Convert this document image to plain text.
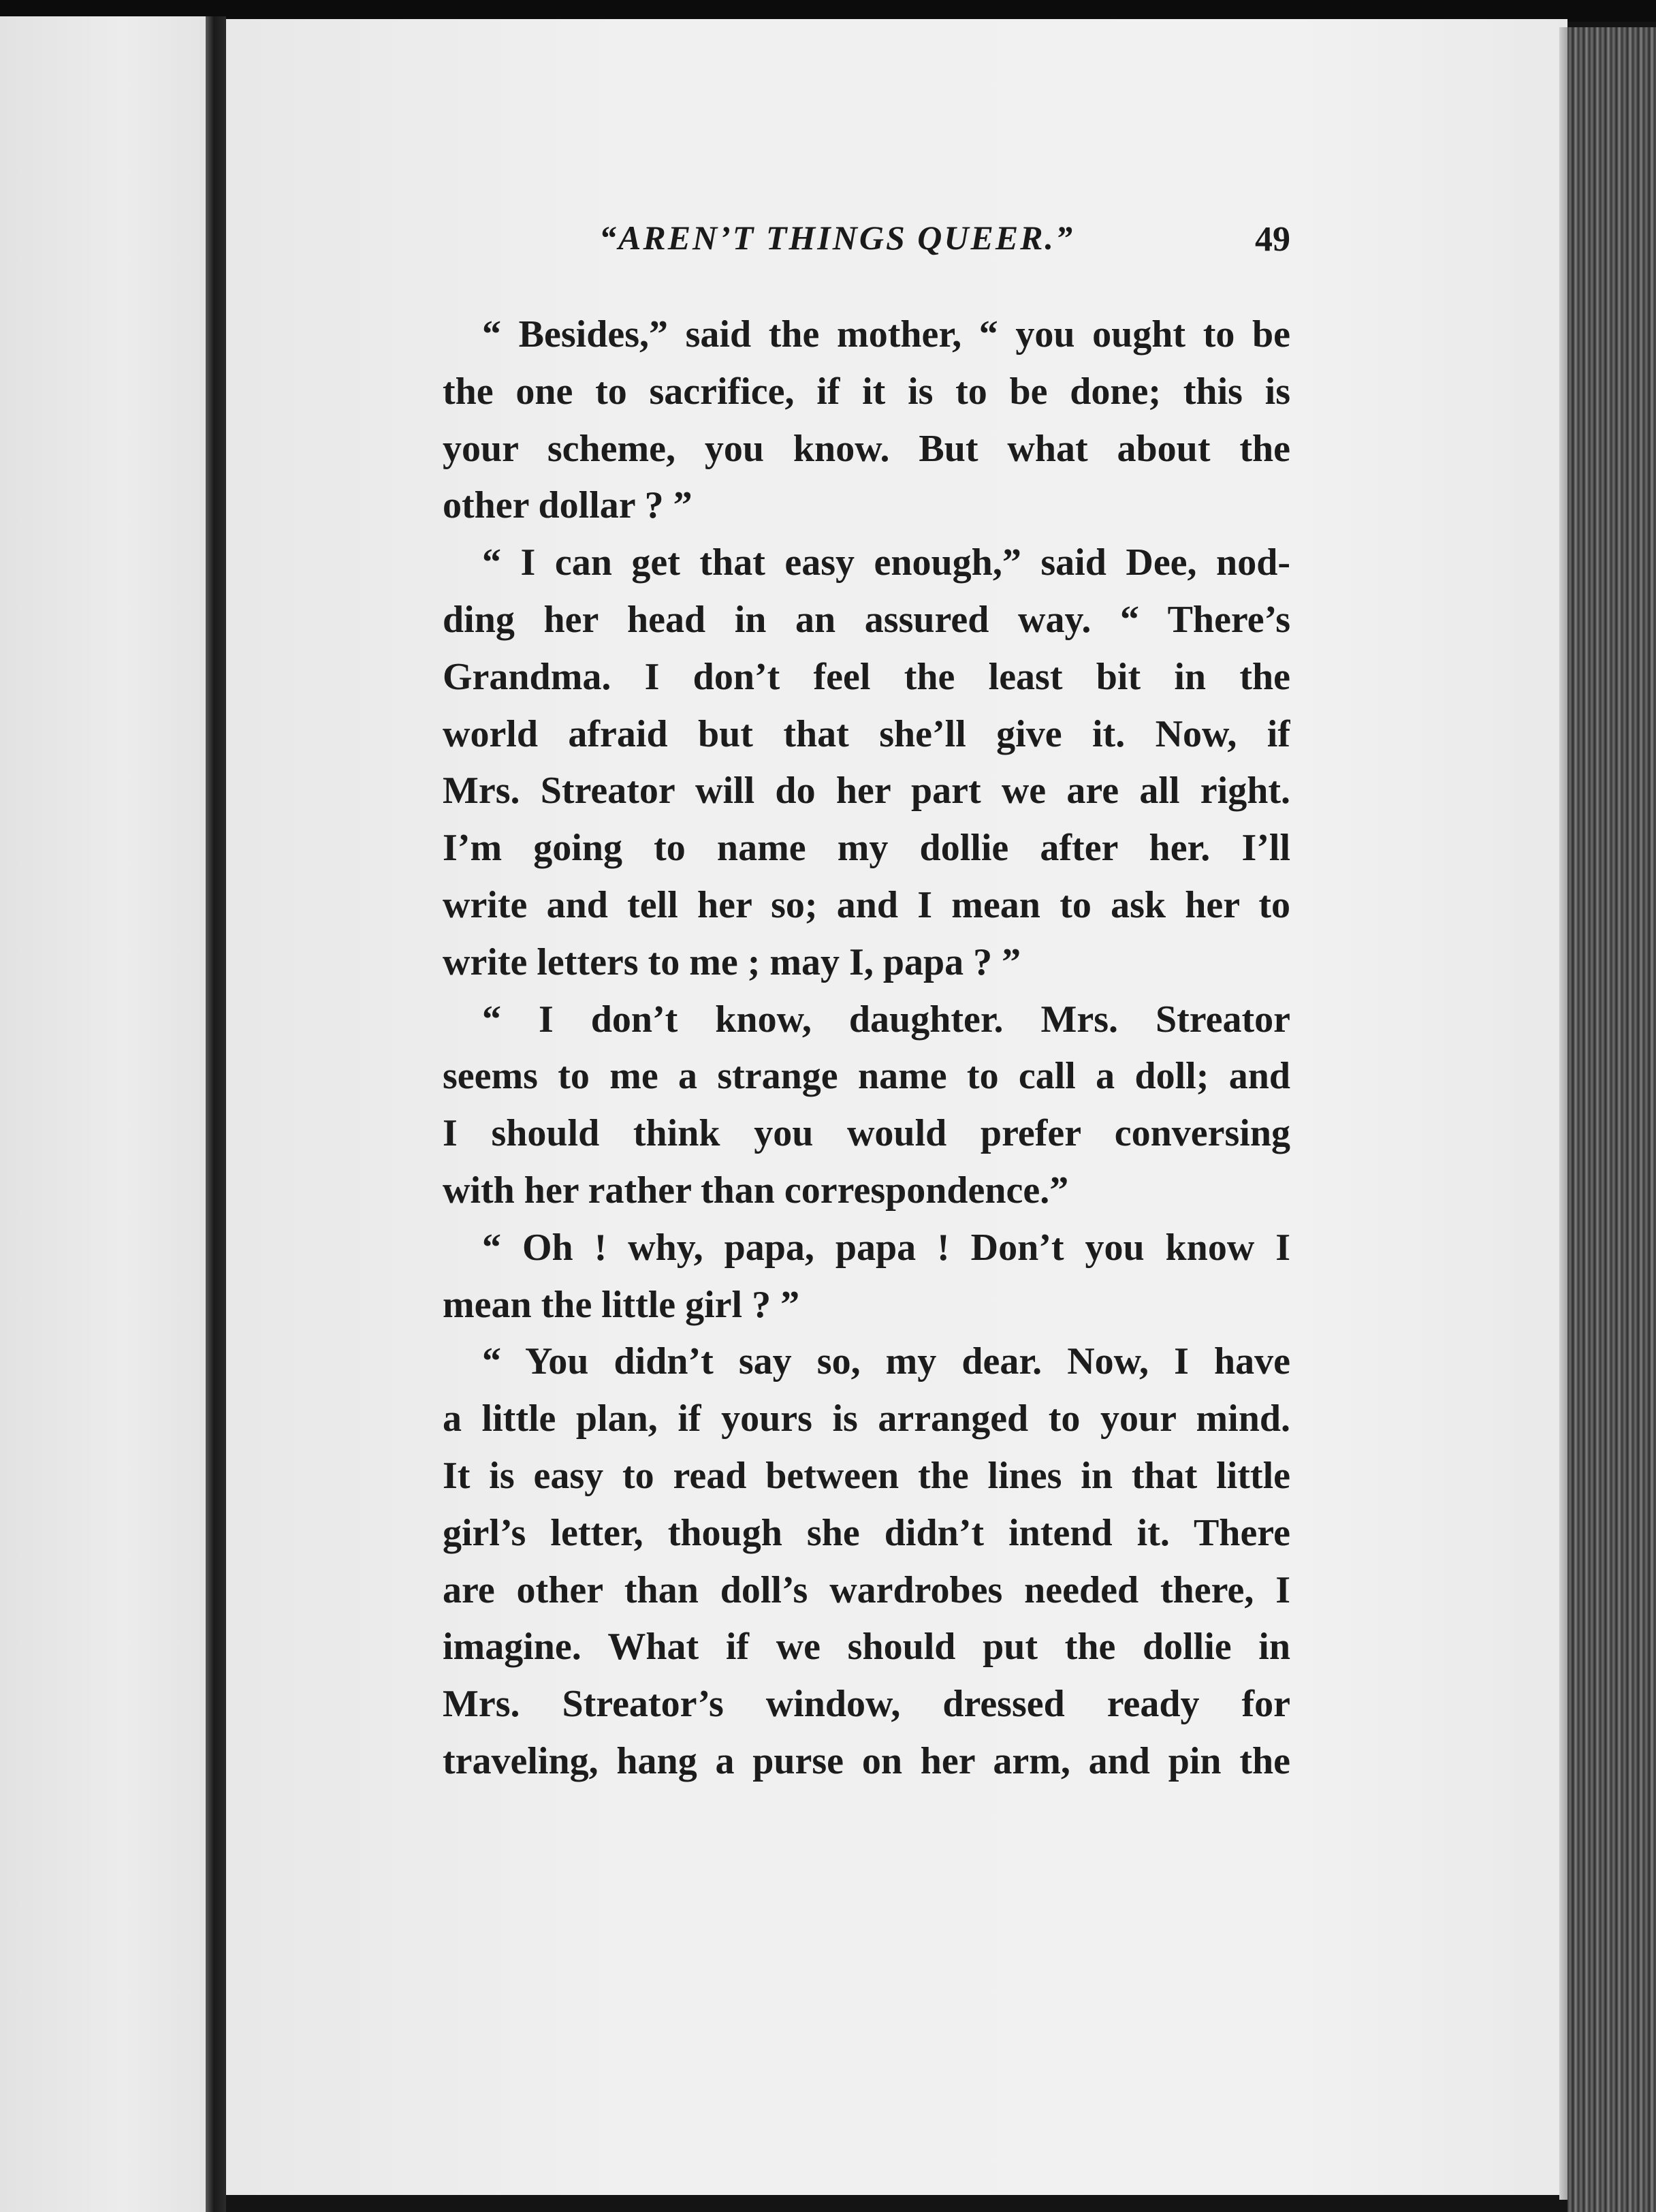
“AREN’T THINGS QUEER.”	49
“ Besides,” said the mother, “ you ought to be
the one to sacrifice, if it is to be done; this is
your scheme, you know. But what about the
other dollar ? ”
“ I can get that easy enough,” said Dee, nod-
ding her head in an assured way. “ There’s
Grandma. I don’t feel the least bit in the
world afraid but that she’ll give it. Now, if
Mrs. Streator will do her part we are all right.
I’m going to name my dollie after her. I’ll
write and tell her so; and I mean to ask her to
write letters to me ; may I, papa ? ”
“ I don’t know, daughter. Mrs. Streator
seems to me a strange name to call a doll; and
I should think you would prefer conversing
with her rather than correspondence.”
“ Oh ! why, papa, papa ! Don’t you know I
mean the little girl ? ”
“ You didn’t say so, my dear. Now, I have
a little plan, if yours is arranged to your mind.
It is easy to read between the lines in that little
girl’s letter, though she didn’t intend it. There
are other than doll’s wardrobes needed there, I
imagine. What if we should put the dollie in
Mrs. Streator’s window, dressed ready for
traveling, hang a purse on her arm, and pin the
